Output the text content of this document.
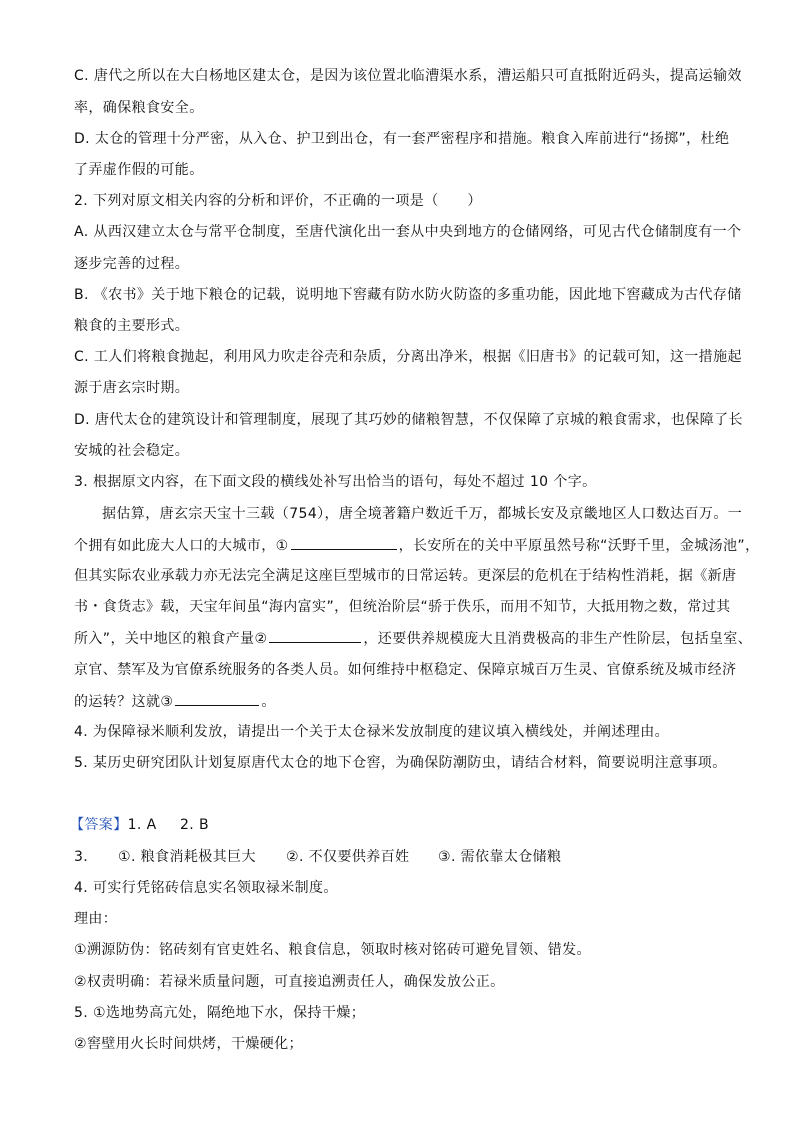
C. 唐代之所以在大白杨地区建太仓，是因为该位置北临漕渠水系，漕运船只可直抵附近码头，提高运输效
率，确保粮食安全。
D. 太仓的管理十分严密，从入仓、护卫到出仓，有一套严密程序和措施。粮食入库前进行“扬掷”，杜绝
了弄虚作假的可能。
2. 下列对原文相关内容的分析和评价，不正确的一项是（　　）
A. 从西汉建立太仓与常平仓制度，至唐代演化出一套从中央到地方的仓储网络，可见古代仓储制度有一个
逐步完善的过程。
B. 《农书》关于地下粮仓的记载，说明地下窖藏有防水防火防盗的多重功能，因此地下窖藏成为古代存储
粮食的主要形式。
C. 工人们将粮食抛起，利用风力吹走谷壳和杂质，分离出净米，根据《旧唐书》的记载可知，这一措施起
源于唐玄宗时期。
D. 唐代太仓的建筑设计和管理制度，展现了其巧妙的储粮智慧，不仅保障了京城的粮食需求，也保障了长
安城的社会稳定。
3. 根据原文内容，在下面文段的横线处补写出恰当的语句，每处不超过 10 个字。
据估算，唐玄宗天宝十三载（754），唐全境著籍户数近千万，都城长安及京畿地区人口数达百万。一
个拥有如此庞大人口的大城市，①	，长安所在的关中平原虽然号称“沃野千里，金城汤池”，
但其实际农业承载力亦无法完全满足这座巨型城市的日常运转。更深层的危机在于结构性消耗，据《新唐
书・食货志》载，天宝年间虽“海内富实”，但统治阶层“骄于佚乐，而用不知节，大抵用物之数，常过其
所入”，关中地区的粮食产量②	，还要供养规模庞大且消费极高的非生产性阶层，包括皇室、
京官、禁军及为官僚系统服务的各类人员。如何维持中枢稳定、保障京城百万生灵、官僚系统及城市经济
的运转？这就③	。
4. 为保障禄米顺利发放，请提出一个关于太仓禄米发放制度的建议填入横线处，并阐述理由。
5. 某历史研究团队计划复原唐代太仓的地下仓窖，为确保防潮防虫，请结合材料，简要说明注意事项。
【答案】1. A 2. B
3. ①. 粮食消耗极其巨大 ②. 不仅要供养百姓 ③. 需依靠太仓储粮
4. 可实行凭铭砖信息实名领取禄米制度。
理由：
①溯源防伪：铭砖刻有官吏姓名、粮食信息，领取时核对铭砖可避免冒领、错发。
②权责明确：若禄米质量问题，可直接追溯责任人，确保发放公正。
5. ①选地势高亢处，隔绝地下水，保持干燥；
②窖壁用火长时间烘烤，干燥硬化；
